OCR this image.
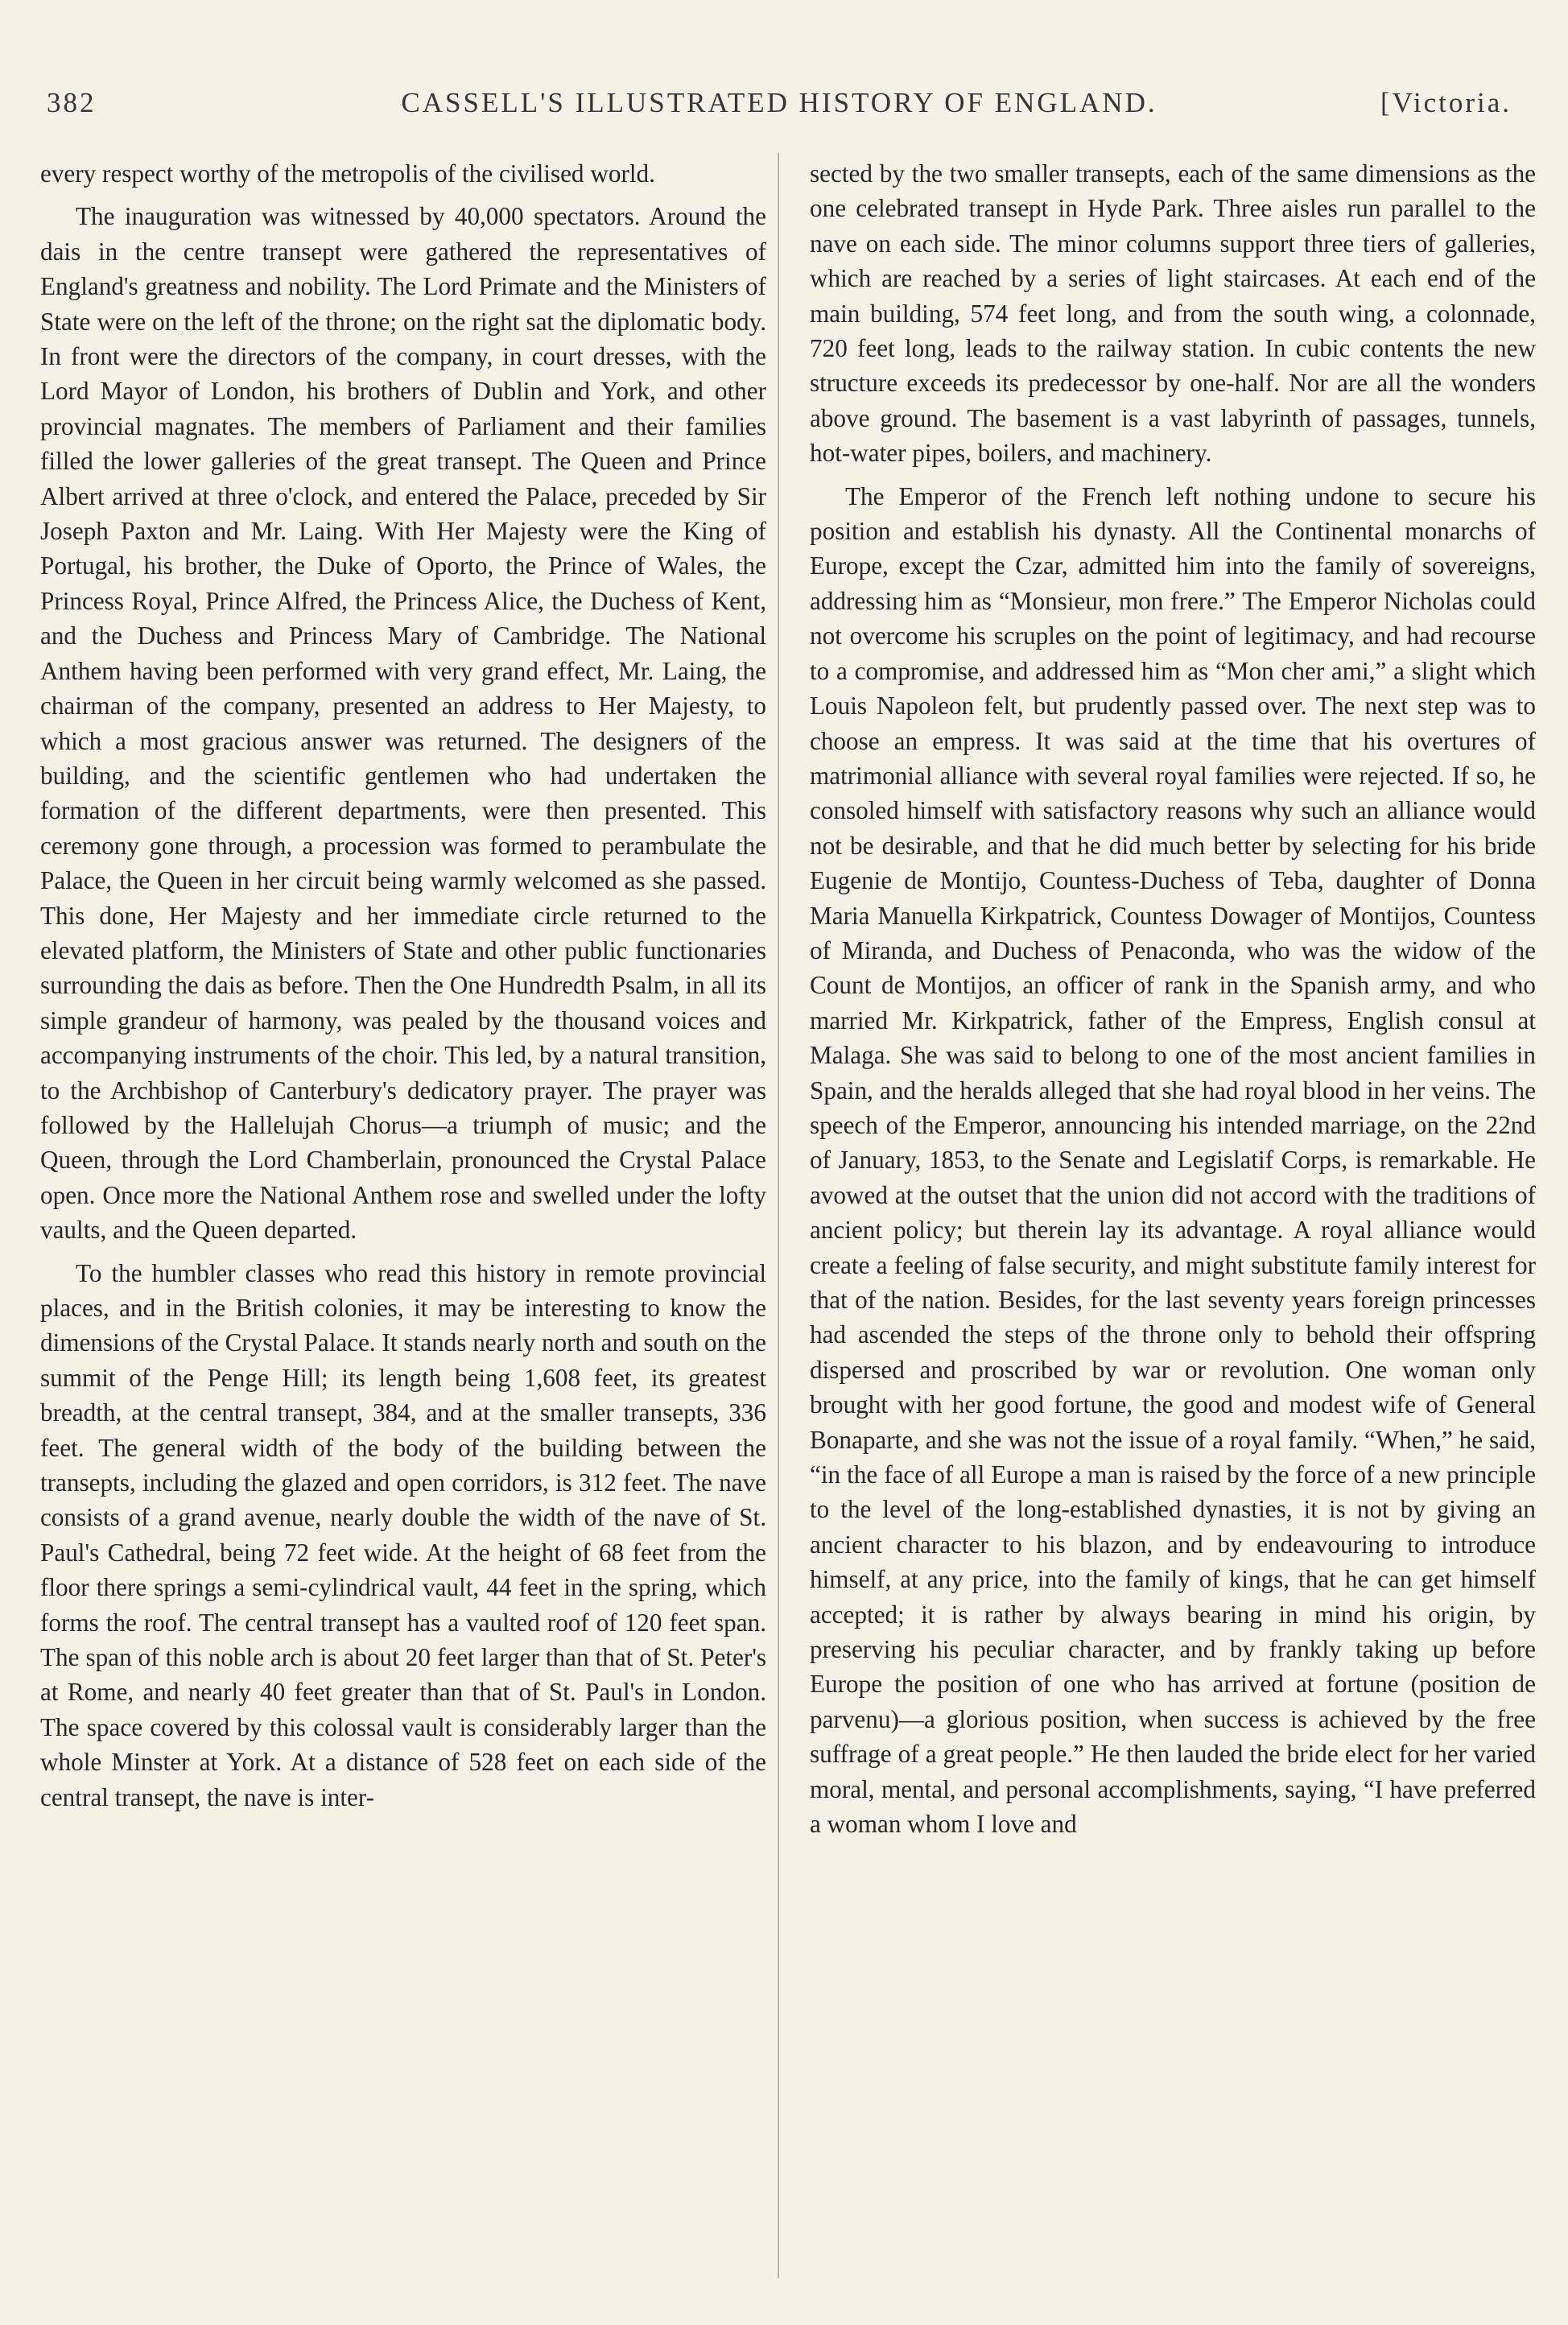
382	CASSELL'S ILLUSTRATED HISTORY OF ENGLAND.	[Victoria.

every respect worthy of the metropolis of the civilised world.

The inauguration was witnessed by 40,000 spectators. Around the dais in the centre transept were gathered the representatives of England's greatness and nobility. The Lord Primate and the Ministers of State were on the left of the throne; on the right sat the diplomatic body. In front were the directors of the company, in court dresses, with the Lord Mayor of London, his brothers of Dublin and York, and other provincial magnates. The members of Parliament and their families filled the lower galleries of the great transept. The Queen and Prince Albert arrived at three o'clock, and entered the Palace, preceded by Sir Joseph Paxton and Mr. Laing. With Her Majesty were the King of Portugal, his brother, the Duke of Oporto, the Prince of Wales, the Princess Royal, Prince Alfred, the Princess Alice, the Duchess of Kent, and the Duchess and Princess Mary of Cambridge. The National Anthem having been performed with very grand effect, Mr. Laing, the chairman of the company, presented an address to Her Majesty, to which a most gracious answer was returned. The designers of the building, and the scientific gentlemen who had undertaken the formation of the different departments, were then presented. This ceremony gone through, a procession was formed to perambulate the Palace, the Queen in her circuit being warmly welcomed as she passed. This done, Her Majesty and her immediate circle returned to the elevated platform, the Ministers of State and other public functionaries surrounding the dais as before. Then the One Hundredth Psalm, in all its simple grandeur of harmony, was pealed by the thousand voices and accompanying instruments of the choir. This led, by a natural transition, to the Archbishop of Canterbury's dedicatory prayer. The prayer was followed by the Hallelujah Chorus—a triumph of music; and the Queen, through the Lord Chamberlain, pronounced the Crystal Palace open. Once more the National Anthem rose and swelled under the lofty vaults, and the Queen departed.

To the humbler classes who read this history in remote provincial places, and in the British colonies, it may be interesting to know the dimensions of the Crystal Palace. It stands nearly north and south on the summit of the Penge Hill; its length being 1,608 feet, its greatest breadth, at the central transept, 384, and at the smaller transepts, 336 feet. The general width of the body of the building between the transepts, including the glazed and open corridors, is 312 feet. The nave consists of a grand avenue, nearly double the width of the nave of St. Paul's Cathedral, being 72 feet wide. At the height of 68 feet from the floor there springs a semi-cylindrical vault, 44 feet in the spring, which forms the roof. The central transept has a vaulted roof of 120 feet span. The span of this noble arch is about 20 feet larger than that of St. Peter's at Rome, and nearly 40 feet greater than that of St. Paul's in London. The space covered by this colossal vault is considerably larger than the whole Minster at York. At a distance of 528 feet on each side of the central transept, the nave is inter-

sected by the two smaller transepts, each of the same dimensions as the one celebrated transept in Hyde Park. Three aisles run parallel to the nave on each side. The minor columns support three tiers of galleries, which are reached by a series of light staircases. At each end of the main building, 574 feet long, and from the south wing, a colonnade, 720 feet long, leads to the railway station. In cubic contents the new structure exceeds its predecessor by one-half. Nor are all the wonders above ground. The basement is a vast labyrinth of passages, tunnels, hot-water pipes, boilers, and machinery.

The Emperor of the French left nothing undone to secure his position and establish his dynasty. All the Continental monarchs of Europe, except the Czar, admitted him into the family of sovereigns, addressing him as “Monsieur, mon frere.” The Emperor Nicholas could not overcome his scruples on the point of legitimacy, and had recourse to a compromise, and addressed him as “Mon cher ami,” a slight which Louis Napoleon felt, but prudently passed over. The next step was to choose an empress. It was said at the time that his overtures of matrimonial alliance with several royal families were rejected. If so, he consoled himself with satisfactory reasons why such an alliance would not be desirable, and that he did much better by selecting for his bride Eugenie de Montijo, Countess-Duchess of Teba, daughter of Donna Maria Manuella Kirkpatrick, Countess Dowager of Montijos, Countess of Miranda, and Duchess of Penaconda, who was the widow of the Count de Montijos, an officer of rank in the Spanish army, and who married Mr. Kirkpatrick, father of the Empress, English consul at Malaga. She was said to belong to one of the most ancient families in Spain, and the heralds alleged that she had royal blood in her veins. The speech of the Emperor, announcing his intended marriage, on the 22nd of January, 1853, to the Senate and Legislatif Corps, is remarkable. He avowed at the outset that the union did not accord with the traditions of ancient policy; but therein lay its advantage. A royal alliance would create a feeling of false security, and might substitute family interest for that of the nation. Besides, for the last seventy years foreign princesses had ascended the steps of the throne only to behold their offspring dispersed and proscribed by war or revolution. One woman only brought with her good fortune, the good and modest wife of General Bonaparte, and she was not the issue of a royal family. “When,” he said, “in the face of all Europe a man is raised by the force of a new principle to the level of the long-established dynasties, it is not by giving an ancient character to his blazon, and by endeavouring to introduce himself, at any price, into the family of kings, that he can get himself accepted; it is rather by always bearing in mind his origin, by preserving his peculiar character, and by frankly taking up before Europe the position of one who has arrived at fortune (position de parvenu)—a glorious position, when success is achieved by the free suffrage of a great people.” He then lauded the bride elect for her varied moral, mental, and personal accomplishments, saying, “I have preferred a woman whom I love and
